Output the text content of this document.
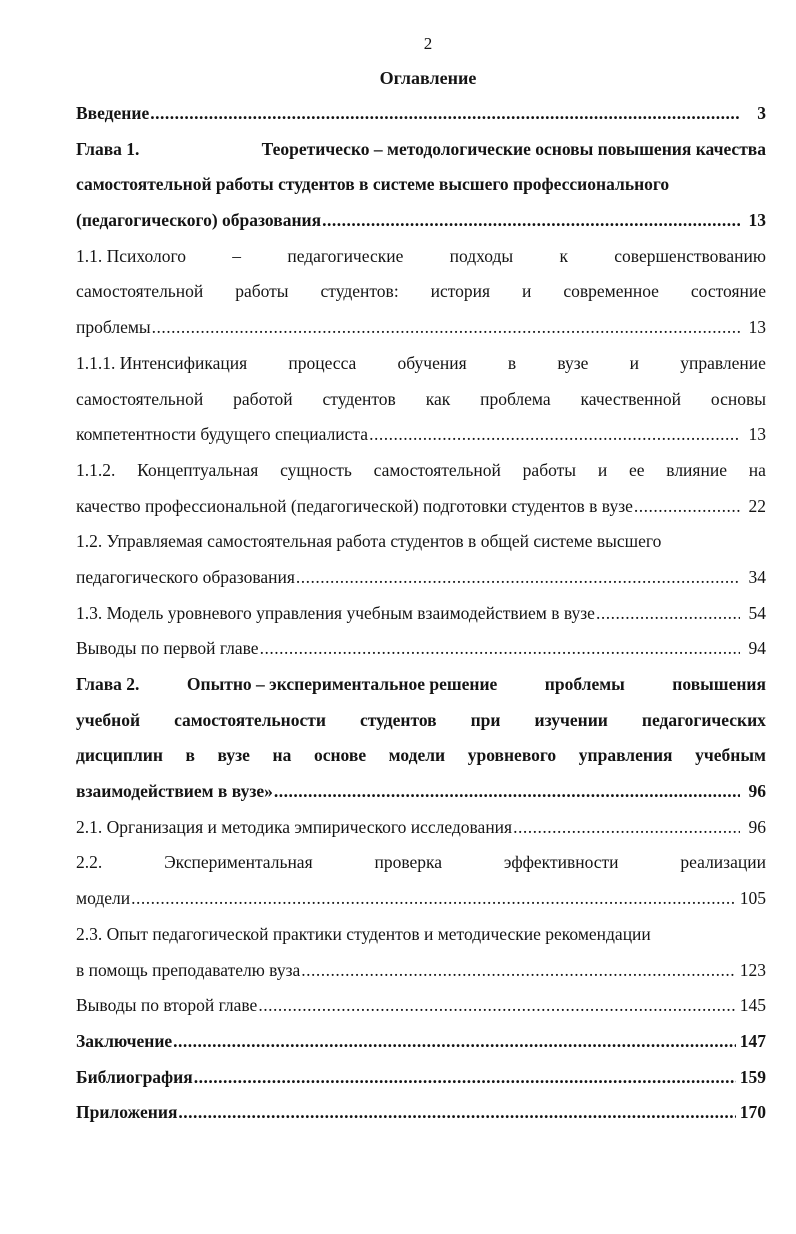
2
Оглавление
Введение .....	3
Глава 1.	Теоретическо – методологические основы повышения качества
самостоятельной работы студентов в системе высшего профессионального
(педагогического) образования .....	13
1.1. Психолого	–	педагогические	подходы	к	совершенствованию
самостоятельной работы студентов: история и современное состояние
проблемы .....	13
1.1.1. Интенсификация процесса обучения в вузе и управление
самостоятельной работой студентов как проблема качественной основы
компетентности будущего специалиста .....	13
1.1.2. Концептуальная сущность самостоятельной работы и ее влияние на
качество профессиональной (педагогической) подготовки студентов в вузе .....	22
1.2. Управляемая самостоятельная работа студентов в общей системе высшего
педагогического образования .....	34
1.3. Модель уровневого управления учебным взаимодействием в вузе .....	54
Выводы по первой главе .....	94
Глава 2.	Опытно – экспериментальное решение	проблемы	повышения
учебной самостоятельности студентов при изучении педагогических
дисциплин в вузе на основе модели уровневого управления учебным
взаимодействием в вузе» .....	96
2.1. Организация и методика эмпирического исследования .....	96
2.2.	Экспериментальная	проверка	эффективности	реализации
модели .....	105
2.3. Опыт педагогической практики студентов и методические рекомендации
в помощь преподавателю вуза .....	123
Выводы по второй главе .....	145
Заключение .....	147
Библиография .....	159
Приложения .....	170
